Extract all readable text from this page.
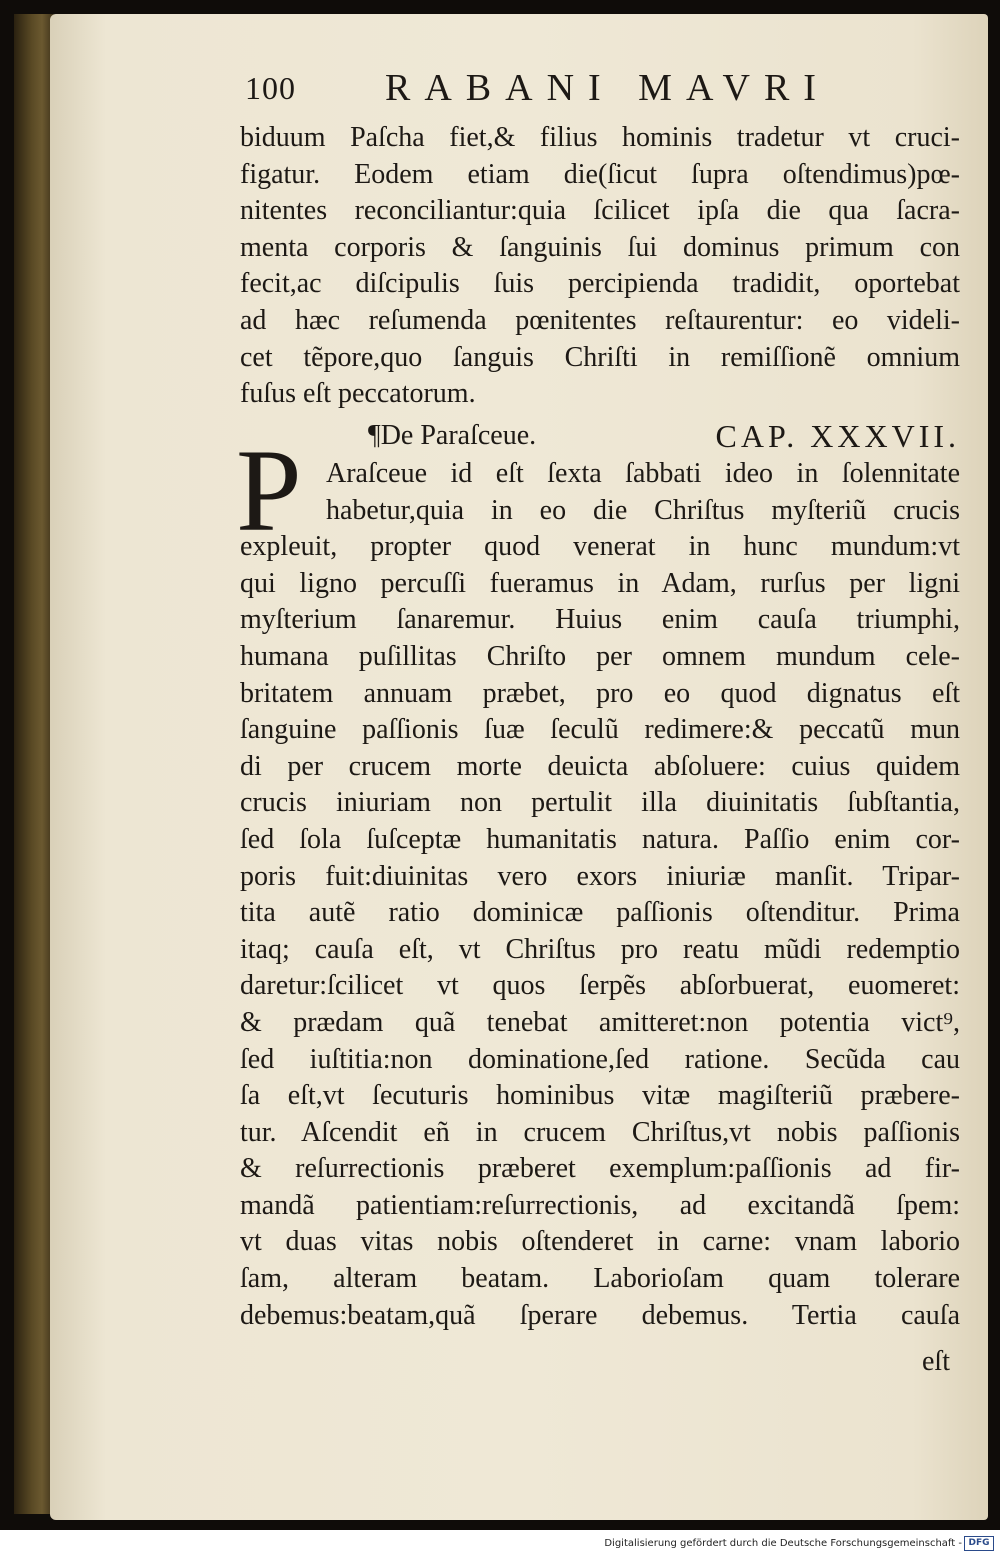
100 RABANI MAVRI
biduum Paſcha fiet,& filius hominis tradetur vt cruci-
figatur. Eodem etiam die(ſicut ſupra oſtendimus)pœ-
nitentes reconciliantur:quia ſcilicet ipſa die qua ſacra-
menta corporis & ſanguinis ſui dominus primum con
fecit,ac diſcipulis ſuis percipienda tradidit, oportebat
ad hæc reſumenda pœnitentes reſtaurentur: eo videli-
cet tẽpore,quo ſanguis Chriſti in remiſſionẽ omnium
fuſus eſt peccatorum.
¶De Paraſceue.	CAP. XXXVII.
P Araſceue id eſt ſexta ſabbati ideo in ſolennitate
habetur,quia in eo die Chriſtus myſteriũ crucis
expleuit, propter quod venerat in hunc mundum:vt
qui ligno percuſſi fueramus in Adam, rurſus per ligni
myſterium ſanaremur. Huius enim cauſa triumphi,
humana puſillitas Chriſto per omnem mundum cele-
britatem annuam præbet, pro eo quod dignatus eſt
ſanguine paſſionis ſuæ ſeculũ redimere:& peccatũ mun
di per crucem morte deuicta abſoluere: cuius quidem
crucis iniuriam non pertulit illa diuinitatis ſubſtantia,
ſed ſola ſuſceptæ humanitatis natura. Paſſio enim cor-
poris fuit:diuinitas vero exors iniuriæ manſit. Tripar-
tita autẽ ratio dominicæ paſſionis oſtenditur. Prima
itaq; cauſa eſt, vt Chriſtus pro reatu mũdi redemptio
daretur:ſcilicet vt quos ſerpẽs abſorbuerat, euomeret:
& prædam quã tenebat amitteret:non potentia vict⁹,
ſed iuſtitia:non dominatione,ſed ratione. Secũda cau
ſa eſt,vt ſecuturis hominibus vitæ magiſteriũ præbere-
tur. Aſcendit eñ in crucem Chriſtus,vt nobis paſſionis
& reſurrectionis præberet exemplum:paſſionis ad fir-
mandã patientiam:reſurrectionis, ad excitandã ſpem:
vt duas vitas nobis oſtenderet in carne: vnam laborio
ſam, alteram beatam. Laborioſam quam tolerare
debemus:beatam,quã ſperare debemus. Tertia cauſa
eſt
Digitalisierung gefördert durch die Deutsche Forschungsgemeinschaft - DFG
